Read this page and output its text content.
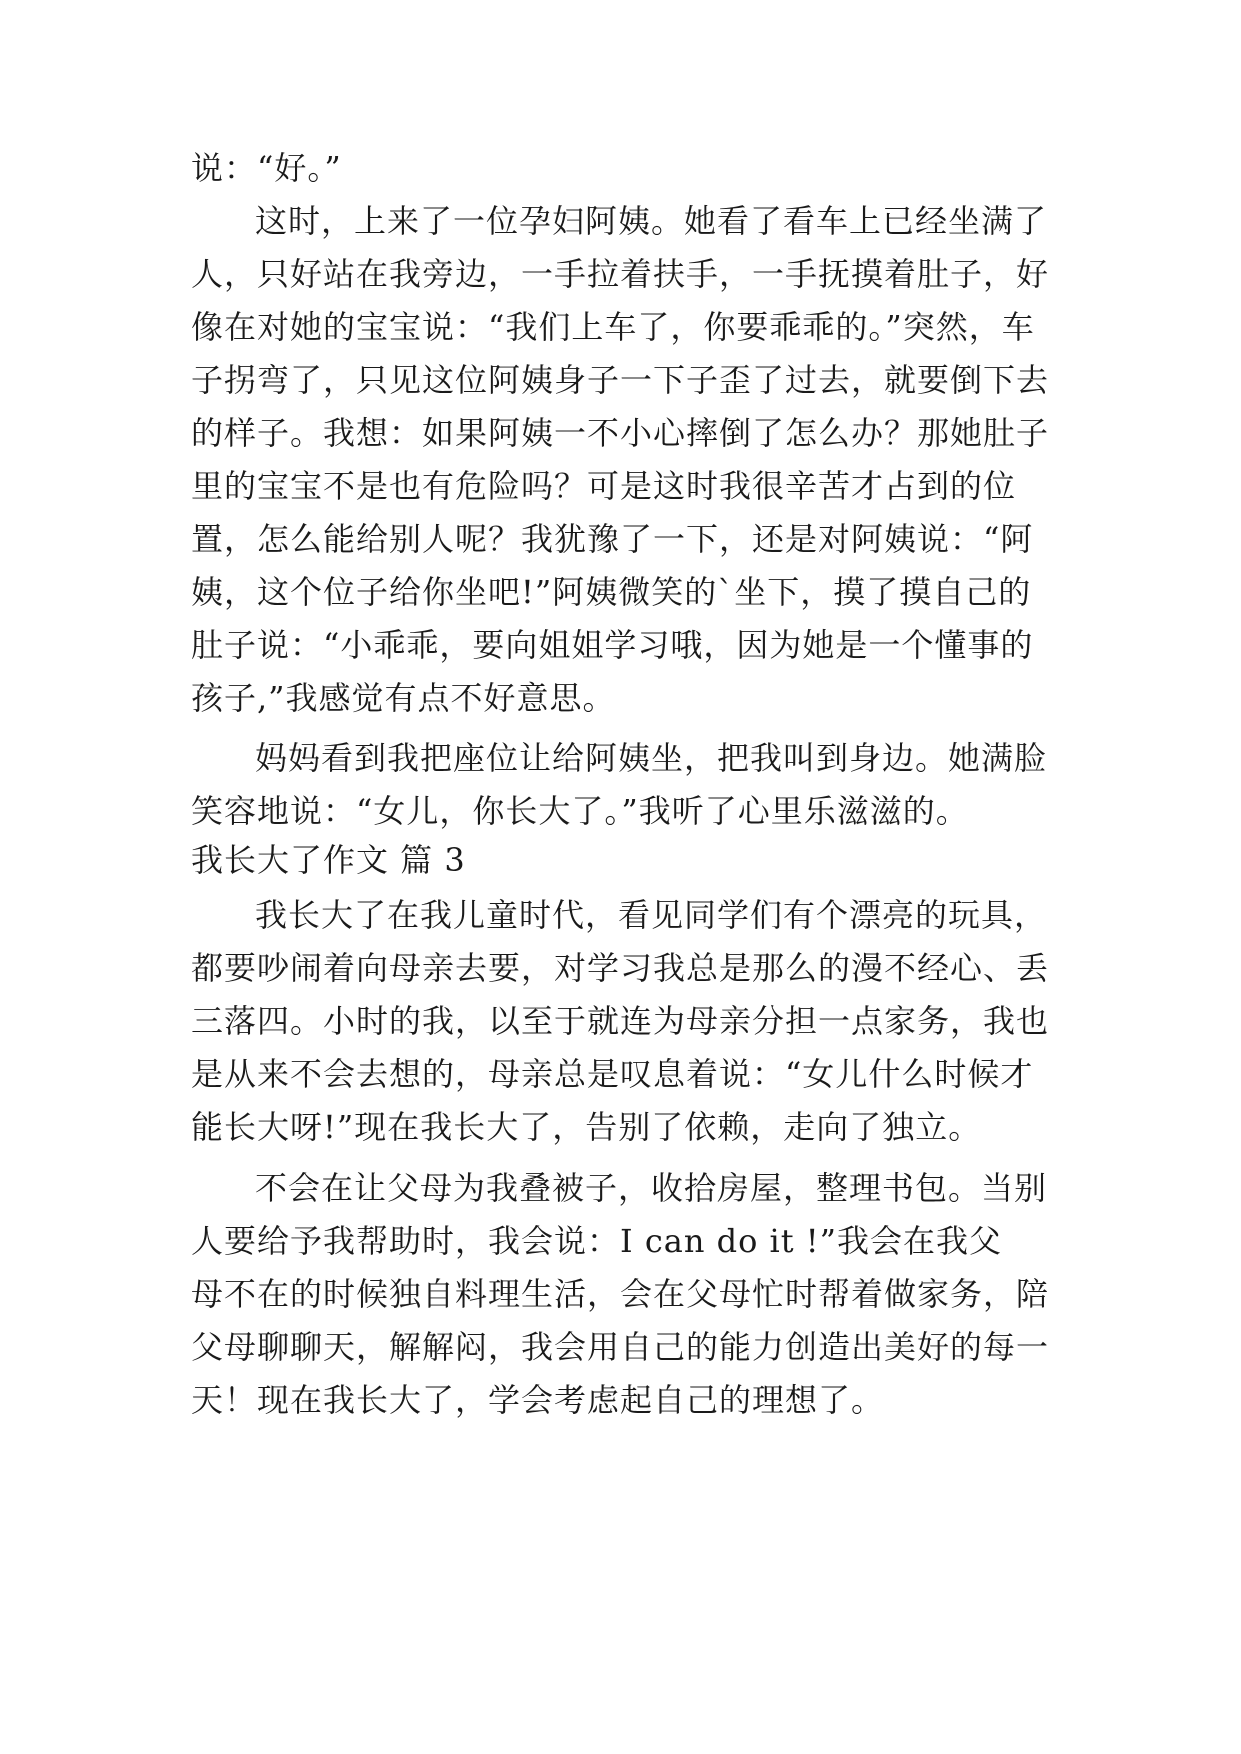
说：“好。”
这时，上来了一位孕妇阿姨。她看了看车上已经坐满了
人，只好站在我旁边，一手拉着扶手，一手抚摸着肚子，好
像在对她的宝宝说：“我们上车了，你要乖乖的。”突然，车
子拐弯了，只见这位阿姨身子一下子歪了过去，就要倒下去
的样子。我想：如果阿姨一不小心摔倒了怎么办？那她肚子
里的宝宝不是也有危险吗？可是这时我很辛苦才占到的位
置，怎么能给别人呢？我犹豫了一下，还是对阿姨说：“阿
姨，这个位子给你坐吧!”阿姨微笑的`坐下，摸了摸自己的
肚子说：“小乖乖，要向姐姐学习哦，因为她是一个懂事的
孩子,”我感觉有点不好意思。
妈妈看到我把座位让给阿姨坐，把我叫到身边。她满脸
笑容地说：“女儿，你长大了。”我听了心里乐滋滋的。
我长大了作文 篇 3
我长大了在我儿童时代，看见同学们有个漂亮的玩具，
都要吵闹着向母亲去要，对学习我总是那么的漫不经心、丢
三落四。小时的我，以至于就连为母亲分担一点家务，我也
是从来不会去想的，母亲总是叹息着说：“女儿什么时候才
能长大呀!”现在我长大了，告别了依赖，走向了独立。
不会在让父母为我叠被子，收拾房屋，整理书包。当别
人要给予我帮助时，我会说：I can do it !”我会在我父
母不在的时候独自料理生活，会在父母忙时帮着做家务，陪
父母聊聊天，解解闷，我会用自己的能力创造出美好的每一
天！现在我长大了，学会考虑起自己的理想了。
